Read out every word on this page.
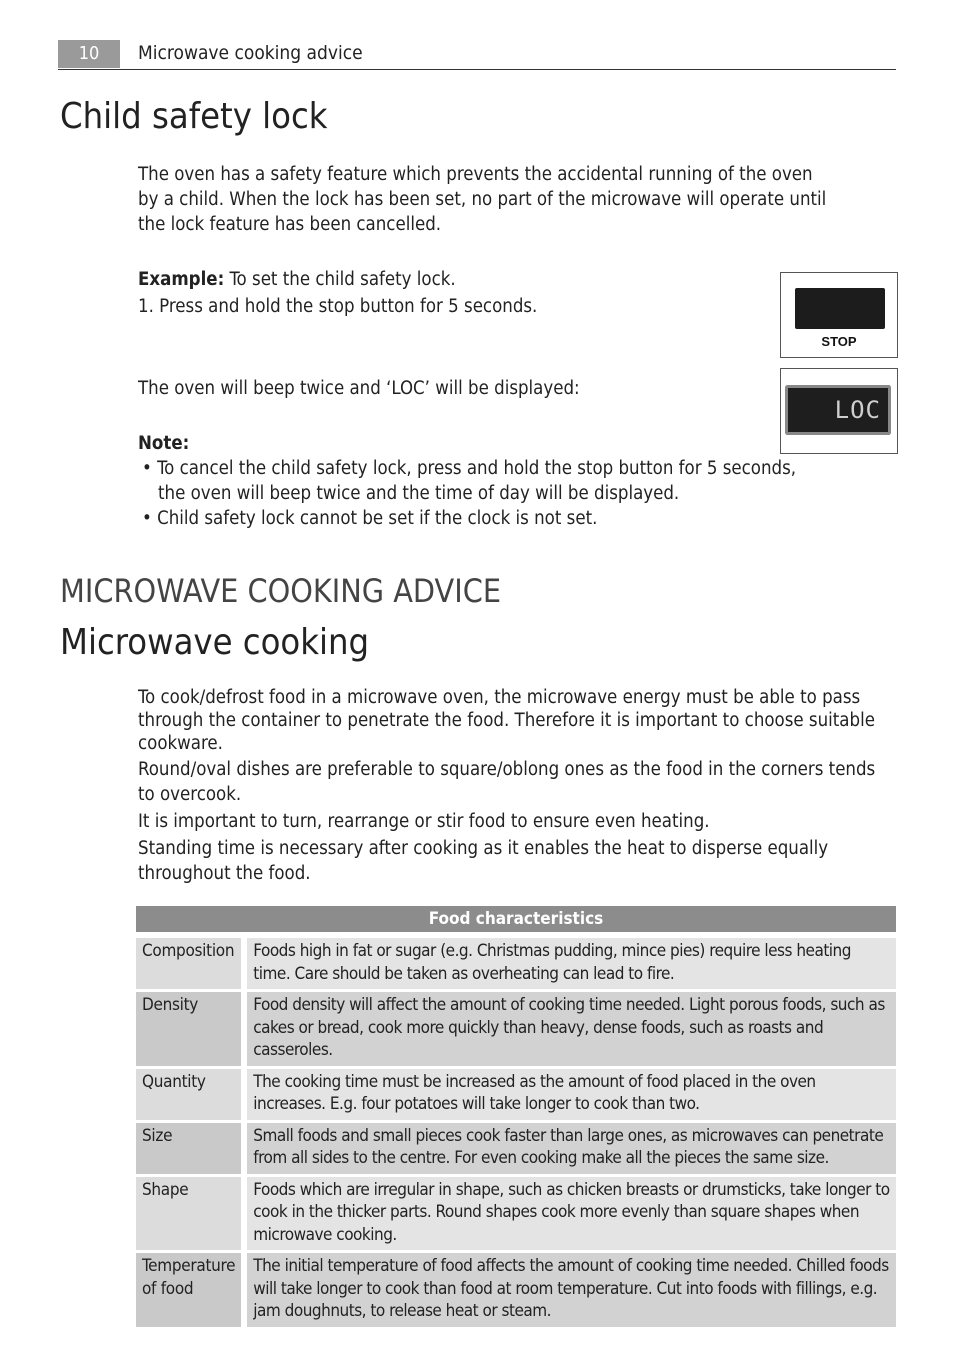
10	Microwave cooking advice
Child safety lock
The oven has a safety feature which prevents the accidental running of the oven by a child. When the lock has been set, no part of the microwave will operate until the lock feature has been cancelled.
Example: To set the child safety lock.
1. Press and hold the stop button for 5 seconds.
STOP
The oven will beep twice and ‘LOC’ will be displayed:
LOC
Note:
• To cancel the child safety lock, press and hold the stop button for 5 seconds, the oven will beep twice and the time of day will be displayed.
• Child safety lock cannot be set if the clock is not set.
MICROWAVE COOKING ADVICE
Microwave cooking

To cook/defrost food in a microwave oven, the microwave energy must be able to pass through the container to penetrate the food. Therefore it is important to choose suitable cookware.

Round/oval dishes are preferable to square/oblong ones as the food in the corners tends to overcook.

It is important to turn, rearrange or stir food to ensure even heating.

Standing time is necessary after cooking as it enables the heat to disperse equally throughout the food.

Food characteristics	
Composition	Foods high in fat or sugar (e.g. Christmas pudding, mince pies) require less heating time. Care should be taken as overheating can lead to fire.
Density	Food density will affect the amount of cooking time needed. Light porous foods, such as cakes or bread, cook more quickly than heavy, dense foods, such as roasts and casseroles.
Quantity	The cooking time must be increased as the amount of food placed in the oven increases. E.g. four potatoes will take longer to cook than two.
Size	Small foods and small pieces cook faster than large ones, as microwaves can penetrate from all sides to the centre. For even cooking make all the pieces the same size.
Shape	Foods which are irregular in shape, such as chicken breasts or drumsticks, take longer to cook in the thicker parts. Round shapes cook more evenly than square shapes when microwave cooking.
Temperature of food	The initial temperature of food affects the amount of cooking time needed. Chilled foods will take longer to cook than food at room temperature. Cut into foods with fillings, e.g. jam doughnuts, to release heat or steam.
